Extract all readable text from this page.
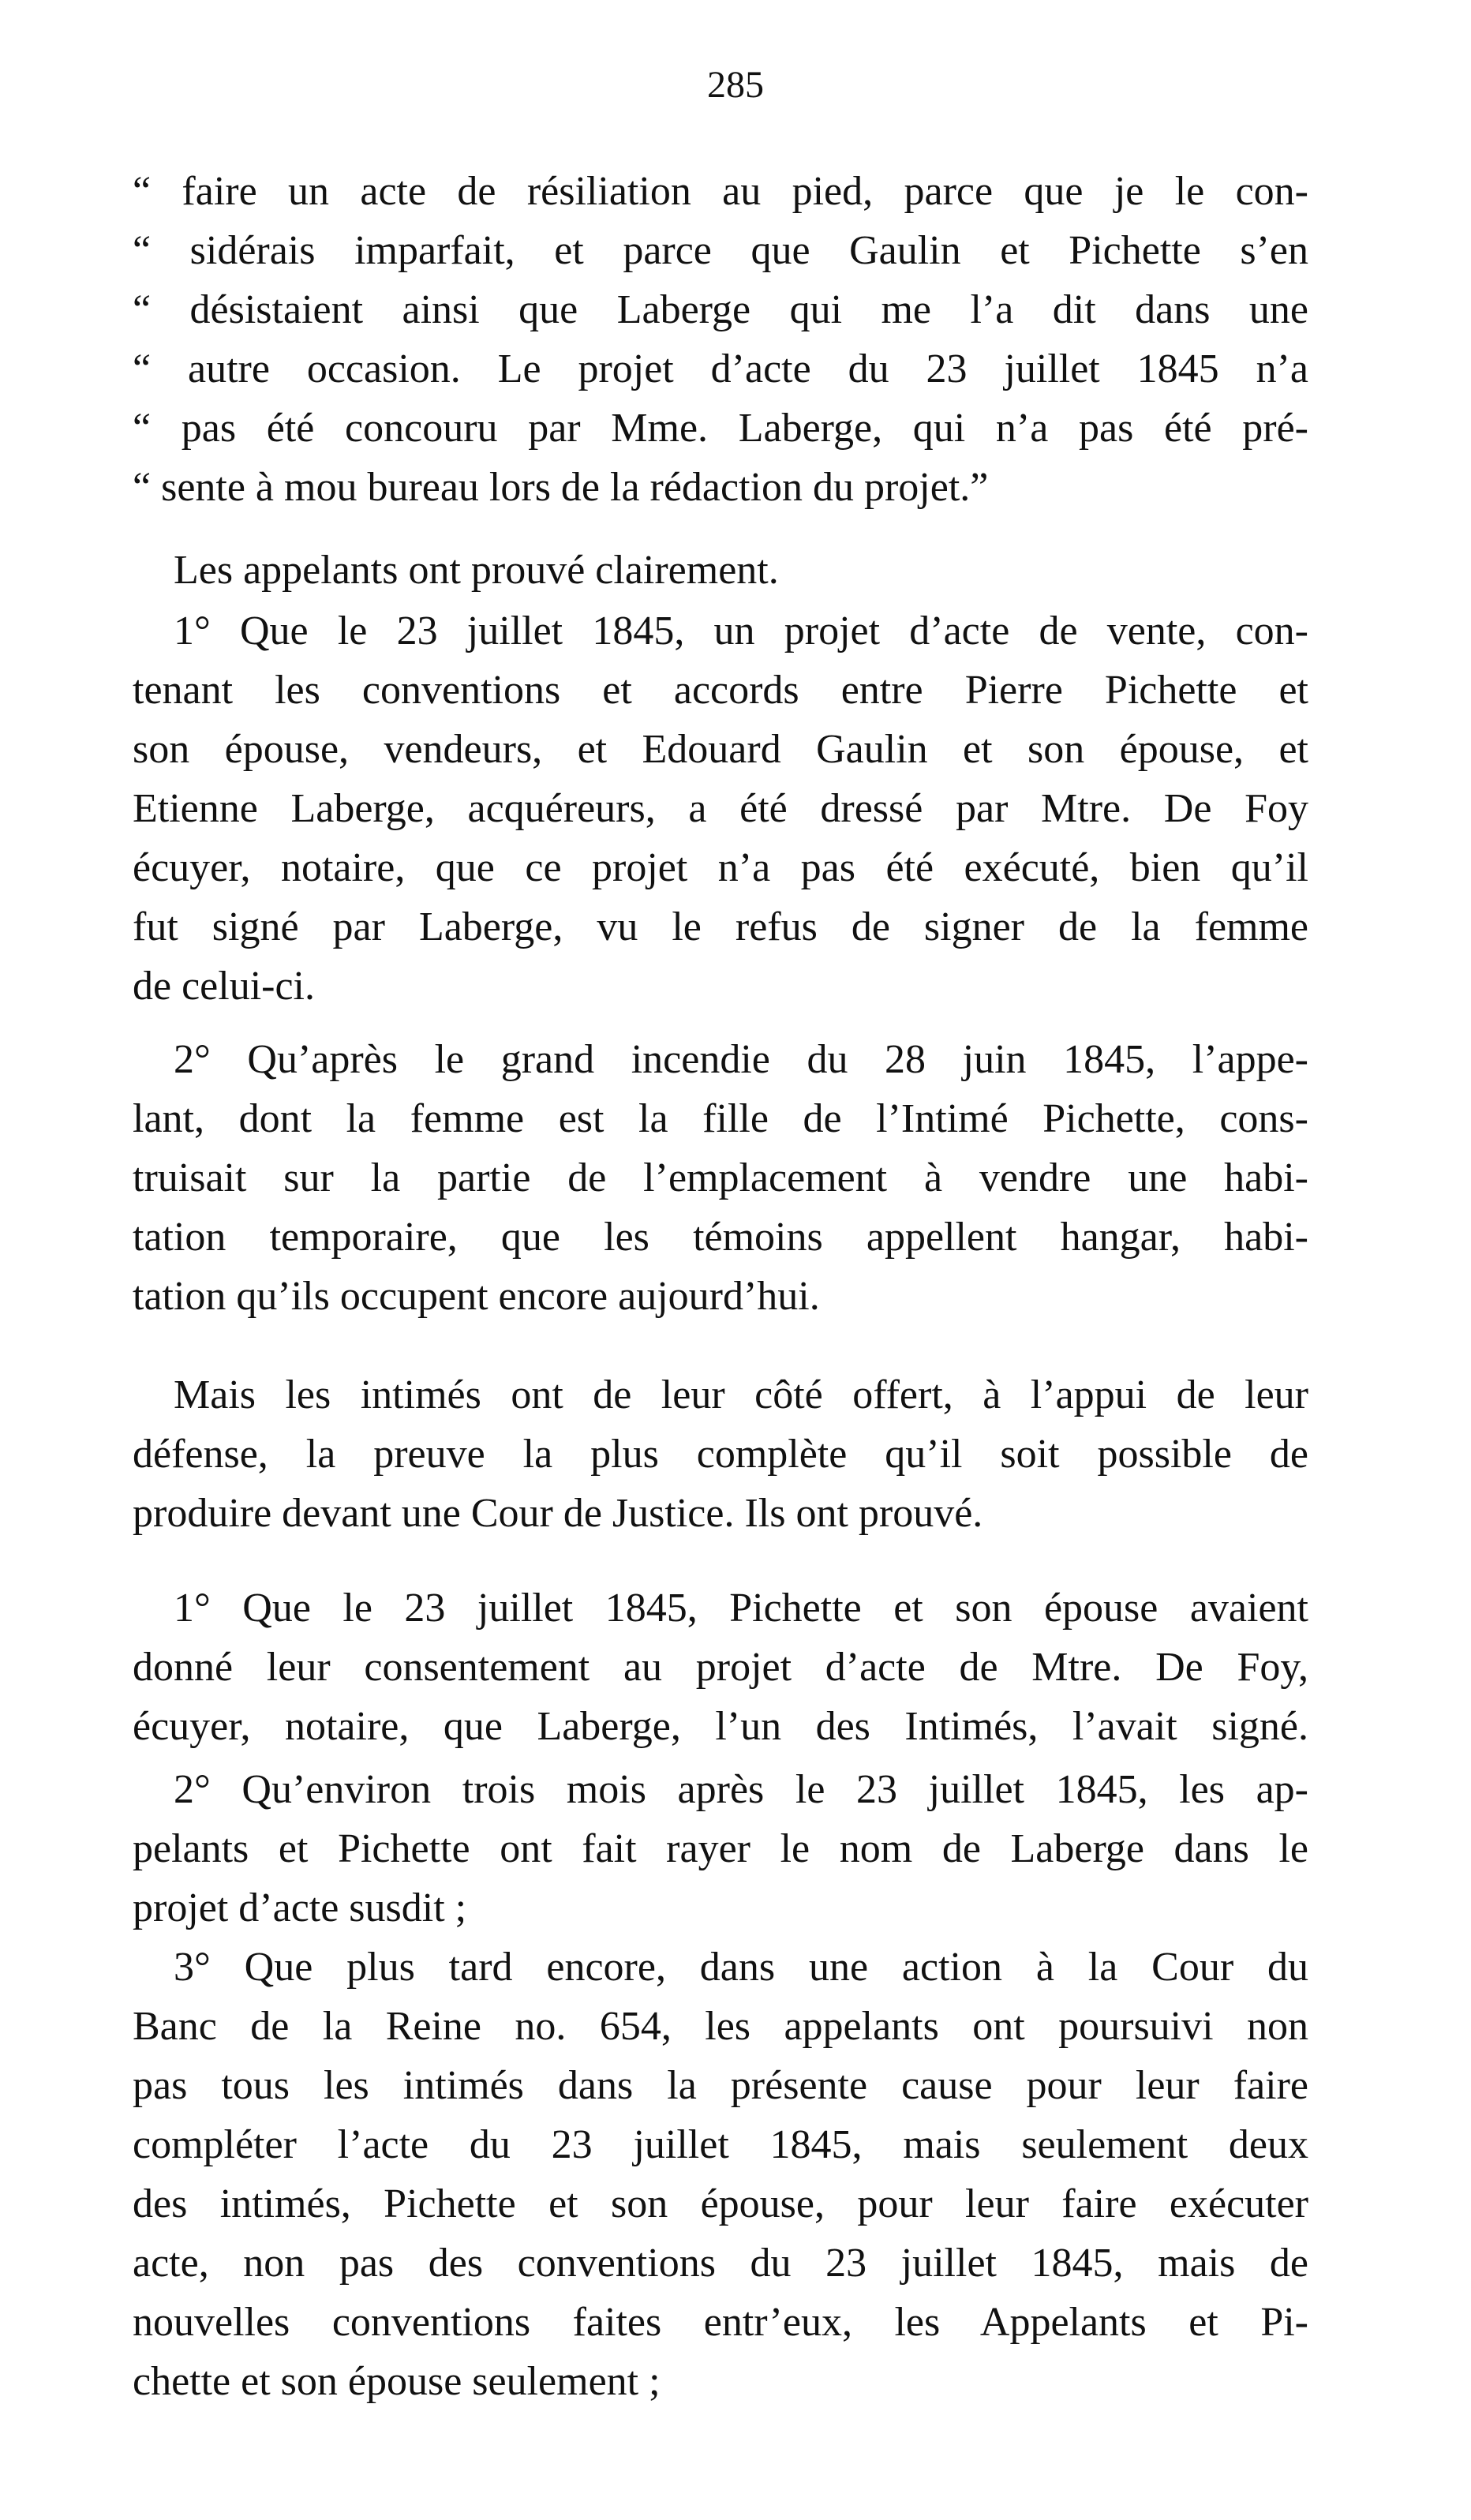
285
“ faire un acte de résiliation au pied, parce que je le con-
“ sidérais imparfait, et parce que Gaulin et Pichette s’en
“ désistaient ainsi que Laberge qui me l’a dit dans une
“ autre occasion. Le projet d’acte du 23 juillet 1845 n’a
“ pas été concouru par Mme. Laberge, qui n’a pas été pré-
“ sente à mou bureau lors de la rédaction du projet.”
Les appelants ont prouvé clairement.
1° Que le 23 juillet 1845, un projet d’acte de vente, con-
tenant les conventions et accords entre Pierre Pichette et
son épouse, vendeurs, et Edouard Gaulin et son épouse, et
Etienne Laberge, acquéreurs, a été dressé par Mtre. De Foy
écuyer, notaire, que ce projet n’a pas été exécuté, bien qu’il
fut signé par Laberge, vu le refus de signer de la femme
de celui-ci.
2° Qu’après le grand incendie du 28 juin 1845, l’appe-
lant, dont la femme est la fille de l’Intimé Pichette, cons-
truisait sur la partie de l’emplacement à vendre une habi-
tation temporaire, que les témoins appellent hangar, habi-
tation qu’ils occupent encore aujourd’hui.
Mais les intimés ont de leur côté offert, à l’appui de leur
défense, la preuve la plus complète qu’il soit possible de
produire devant une Cour de Justice. Ils ont prouvé.
1° Que le 23 juillet 1845, Pichette et son épouse avaient
donné leur consentement au projet d’acte de Mtre. De Foy,
écuyer, notaire, que Laberge, l’un des Intimés, l’avait signé.
2° Qu’environ trois mois après le 23 juillet 1845, les ap-
pelants et Pichette ont fait rayer le nom de Laberge dans le
projet d’acte susdit ;
3° Que plus tard encore, dans une action à la Cour du
Banc de la Reine no. 654, les appelants ont poursuivi non
pas tous les intimés dans la présente cause pour leur faire
compléter l’acte du 23 juillet 1845, mais seulement deux
des intimés, Pichette et son épouse, pour leur faire exécuter
acte, non pas des conventions du 23 juillet 1845, mais de
nouvelles conventions faites entr’eux, les Appelants et Pi-
chette et son épouse seulement ;
